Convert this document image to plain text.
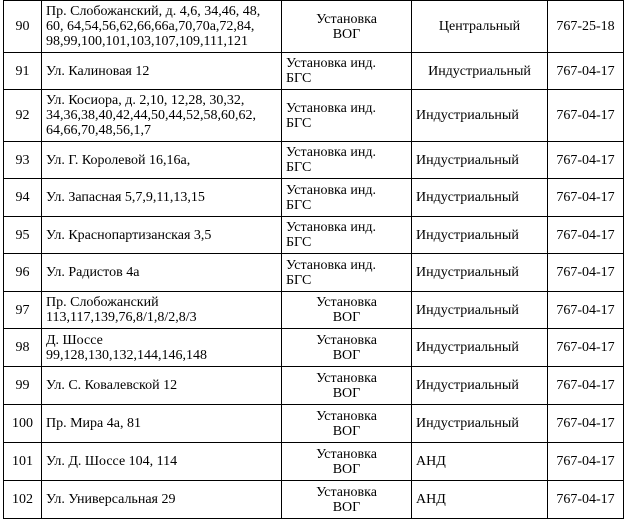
90	Пр. Слобожанский, д. 4,6, 34,46, 48,
60, 64,54,56,62,66,66а,70,70а,72,84,
98,99,100,101,103,107,109,111,121	Установка
ВОГ	Центральный	767-25-18
91	Ул. Калиновая 12	Установка инд.
БГС	Индустриальный	767-04-17
92	Ул. Косиора, д. 2,10, 12,28, 30,32,
34,36,38,40,42,44,50,44,52,58,60,62,
64,66,70,48,56,1,7	Установка инд.
БГС	Индустриальный	767-04-17
93	Ул. Г. Королевой 16,16а,	Установка инд.
БГС	Индустриальный	767-04-17
94	Ул. Запасная 5,7,9,11,13,15	Установка инд.
БГС	Индустриальный	767-04-17
95	Ул. Краснопартизанская 3,5	Установка инд.
БГС	Индустриальный	767-04-17
96	Ул. Радистов 4а	Установка инд.
БГС	Индустриальный	767-04-17
97	Пр. Слобожанский
113,117,139,76,8/1,8/2,8/3	Установка
ВОГ	Индустриальный	767-04-17
98	Д. Шоссе
99,128,130,132,144,146,148	Установка
ВОГ	Индустриальный	767-04-17
99	Ул. С. Ковалевской 12	Установка
ВОГ	Индустриальный	767-04-17
100	Пр. Мира 4а, 81	Установка
ВОГ	Индустриальный	767-04-17
101	Ул. Д. Шоссе 104, 114	Установка
ВОГ	АНД	767-04-17
102	Ул. Универсальная 29	Установка
ВОГ	АНД	767-04-17
